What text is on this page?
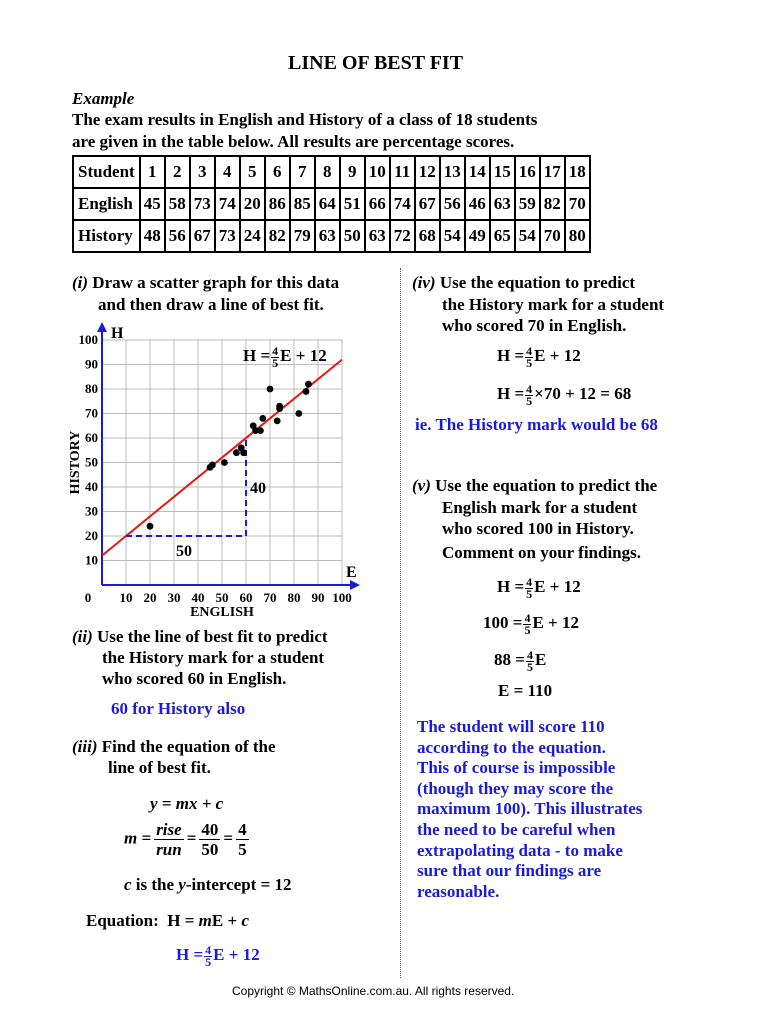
LINE OF BEST FIT
Example
The exam results in English and History of a class of 18 students
are given in the table below. All results are percentage scores.
Student	1	2	3	4	5	6	7	8	9	10	11	12	13	14	15	16	17	18
English	45	58	73	74	20	86	85	64	51	66	74	67	56	46	63	59	82	70
History	48	56	67	73	24	82	79	63	50	63	72	68	54	49	65	54	70	80
(i) Draw a scatter graph for this data
and then draw a line of best fit.
0 10 20 30 40 50 60 70 80 90 100
10
20
30
40
50
60
70
80
90
100
E
H
ENGLISH
HISTORY
50
40
$H = \frac{4}{5}$ E + 12
(ii) Use the line of best fit to predict
the History mark for a student
who scored 60 in English.
60 for History also
(iii) Find the equation of the
line of best fit.
y = mx + c
$m = \frac{\text{rise}}{\text{run}} = \frac{40}{50} = \frac{4}{5}$
c is the y-intercept = 12
Equation:  H = mE + c
$H = \frac{4}{5}$ E + 12
(iv) Use the equation to predict
the History mark for a student
who scored 70 in English.
$H = \frac{4}{5}$ E + 12
$H = \frac{4}{5} \times 70 + 12 = 68$
ie. The History mark would be 68
(v) Use the equation to predict the
English mark for a student
who scored 100 in History.
Comment on your findings.
$H = \frac{4}{5}$ E + 12
$100 = \frac{4}{5}$ E + 12
$88 = \frac{4}{5}$ E
E = 110
The student will score 110
according to the equation.
This of course is impossible
(though they may score the
maximum 100). This illustrates
the need to be careful when
extrapolating data - to make
sure that our findings are
reasonable.
Copyright © MathsOnline.com.au. All rights reserved.
